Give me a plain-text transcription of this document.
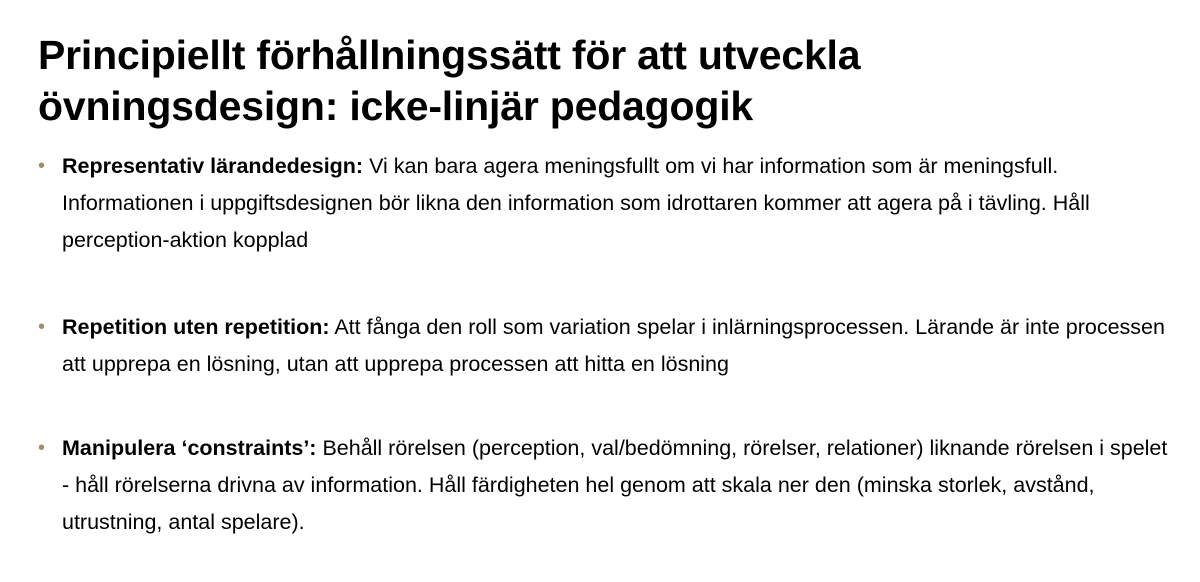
Principiellt förhållningssätt för att utveckla övningsdesign: icke-linjär pedagogik
• Representativ lärandedesign: Vi kan bara agera meningsfullt om vi har information som är meningsfull. Informationen i uppgiftsdesignen bör likna den information som idrottaren kommer att agera på i tävling. Håll perception-aktion kopplad
• Repetition uten repetition: Att fånga den roll som variation spelar i inlärningsprocessen. Lärande är inte processen att upprepa en lösning, utan att upprepa processen att hitta en lösning
• Manipulera ‘constraints’: Behåll rörelsen (perception, val/bedömning, rörelser, relationer) liknande rörelsen i spelet - håll rörelserna drivna av information. Håll färdigheten hel genom att skala ner den (minska storlek, avstånd, utrustning, antal spelare).
